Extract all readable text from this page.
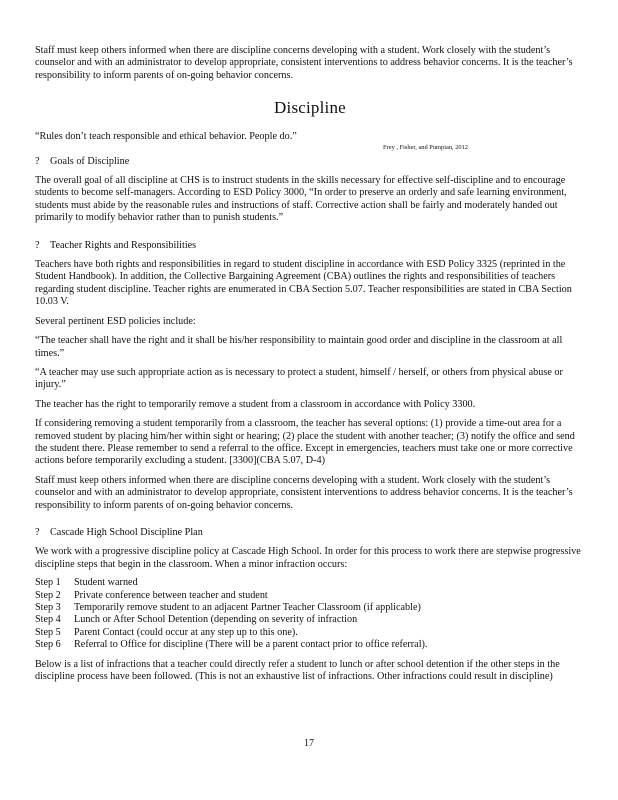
Staff must keep others informed when there are discipline concerns developing with a student. Work closely with the student’s counselor and with an administrator to develop appropriate, consistent interventions to address behavior concerns. It is the teacher’s responsibility to inform parents of on-going behavior concerns.

Discipline

“Rules don’t teach responsible and ethical behavior. People do.”

Frey , Fisher, and Pumpian, 2012
?	Goals of Discipline

The overall goal of all discipline at CHS is to instruct students in the skills necessary for effective self-discipline and to encourage students to become self-managers. According to ESD Policy 3000, “In order to preserve an orderly and safe learning environment, students must abide by the reasonable rules and instructions of staff. Corrective action shall be fairly and moderately handed out primarily to modify behavior rather than to punish students.”

?	Teacher Rights and Responsibilities

Teachers have both rights and responsibilities in regard to student discipline in accordance with ESD Policy 3325 (reprinted in the Student Handbook). In addition, the Collective Bargaining Agreement (CBA) outlines the rights and responsibilities of teachers regarding student discipline. Teacher rights are enumerated in CBA Section 5.07. Teacher responsibilities are stated in CBA Section 10.03 V.

Several pertinent ESD policies include:

“The teacher shall have the right and it shall be his/her responsibility to maintain good order and discipline in the classroom at all times.”

“A teacher may use such appropriate action as is necessary to protect a student, himself / herself, or others from physical abuse or injury.”

The teacher has the right to temporarily remove a student from a classroom in accordance with Policy 3300.

If considering removing a student temporarily from a classroom, the teacher has several options: (1) provide a time-out area for a removed student by placing him/her within sight or hearing; (2) place the student with another teacher; (3) notify the office and send the student there. Please remember to send a referral to the office. Except in emergencies, teachers must take one or more corrective actions before temporarily excluding a student. [3300](CBA 5.07, D-4)

Staff must keep others informed when there are discipline concerns developing with a student. Work closely with the student’s counselor and with an administrator to develop appropriate, consistent interventions to address behavior concerns. It is the teacher’s responsibility to inform parents of on-going behavior concerns.

?	Cascade High School Discipline Plan

We work with a progressive discipline policy at Cascade High School. In order for this process to work there are stepwise progressive discipline steps that begin in the classroom. When a minor infraction occurs:

Step 1	Student warned
Step 2	Private conference between teacher and student
Step 3	Temporarily remove student to an adjacent Partner Teacher Classroom (if applicable)
Step 4	Lunch or After School Detention (depending on severity of infraction
Step 5	Parent Contact (could occur at any step up to this one).
Step 6	Referral to Office for discipline (There will be a parent contact prior to office referral).

Below is a list of infractions that a teacher could directly refer a student to lunch or after school detention if the other steps in the discipline process have been followed. (This is not an exhaustive list of infractions. Other infractions could result in discipline)

17
